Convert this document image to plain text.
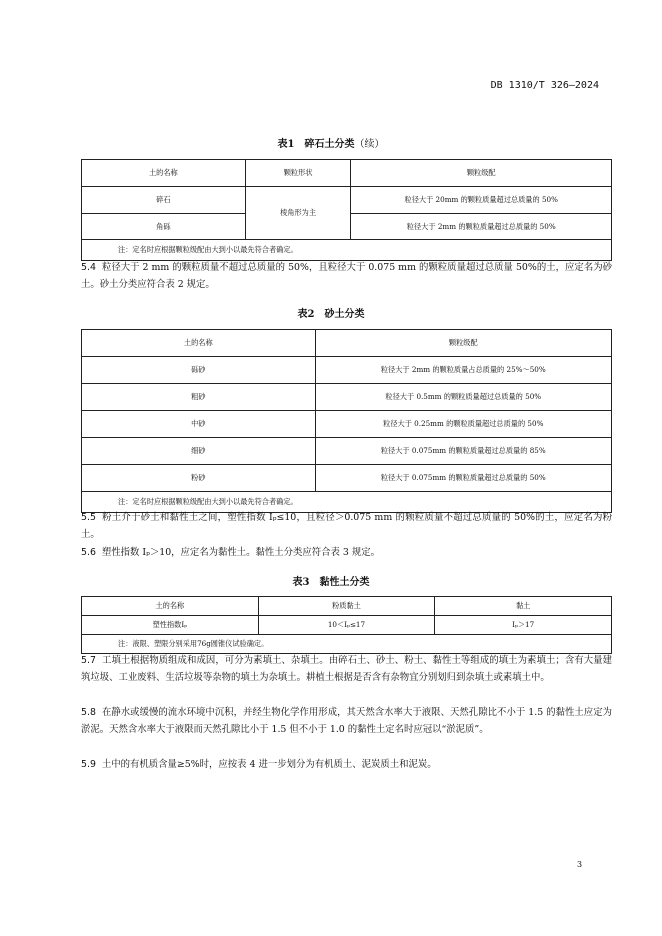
DB 1310/T 326—2024
表1　碎石土分类（续）
土的名称	颗粒形状	颗粒级配
碎石	棱角形为主	粒径大于 20mm 的颗粒质量超过总质量的 50%
角砾		粒径大于 2mm 的颗粒质量超过总质量的 50%
注：定名时应根据颗粒级配由大到小以最先符合者确定。		
5.4 粒径大于 2 mm 的颗粒质量不超过总质量的 50%，且粒径大于 0.075 mm 的颗粒质量超过总质量 50%的土，应定名为砂土。砂土分类应符合表 2 规定。
表2　砂土分类
土的名称	颗粒级配
砾砂	粒径大于 2mm 的颗粒质量占总质量的 25%～50%
粗砂	粒径大于 0.5mm 的颗粒质量超过总质量的 50%
中砂	粒径大于 0.25mm 的颗粒质量超过总质量的 50%
细砂	粒径大于 0.075mm 的颗粒质量超过总质量的 85%
粉砂	粒径大于 0.075mm 的颗粒质量超过总质量的 50%
注：定名时应根据颗粒级配由大到小以最先符合者确定。	
5.5 粉土介于砂土和黏性土之间，塑性指数 Iₚ≤10，且粒径＞0.075 mm 的颗粒质量不超过总质量的 50%的土，应定名为粉土。
5.6 塑性指数 Iₚ＞10，应定名为黏性土。黏性土分类应符合表 3 规定。
表3　黏性土分类
土的名称	粉质黏土	黏土
塑性指数Iₚ	10＜Iₚ≤17	Iₚ＞17
注：液限、塑限分别采用76g圆锥仪试验确定。		
5.7 工填土根据物质组成和成因，可分为素填土、杂填土。由碎石土、砂土、粉土、黏性土等组成的填土为素填土；含有大量建筑垃圾、工业废料、生活垃圾等杂物的填土为杂填土。耕植土根据是否含有杂物宜分别划归到杂填土或素填土中。
5.8 在静水或缓慢的流水环境中沉积，并经生物化学作用形成，其天然含水率大于液限、天然孔隙比不小于 1.5 的黏性土应定为淤泥。天然含水率大于液限而天然孔隙比小于 1.5 但不小于 1.0 的黏性土定名时应冠以“淤泥质”。
5.9 土中的有机质含量≥5%时，应按表 4 进一步划分为有机质土、泥炭质土和泥炭。
3
